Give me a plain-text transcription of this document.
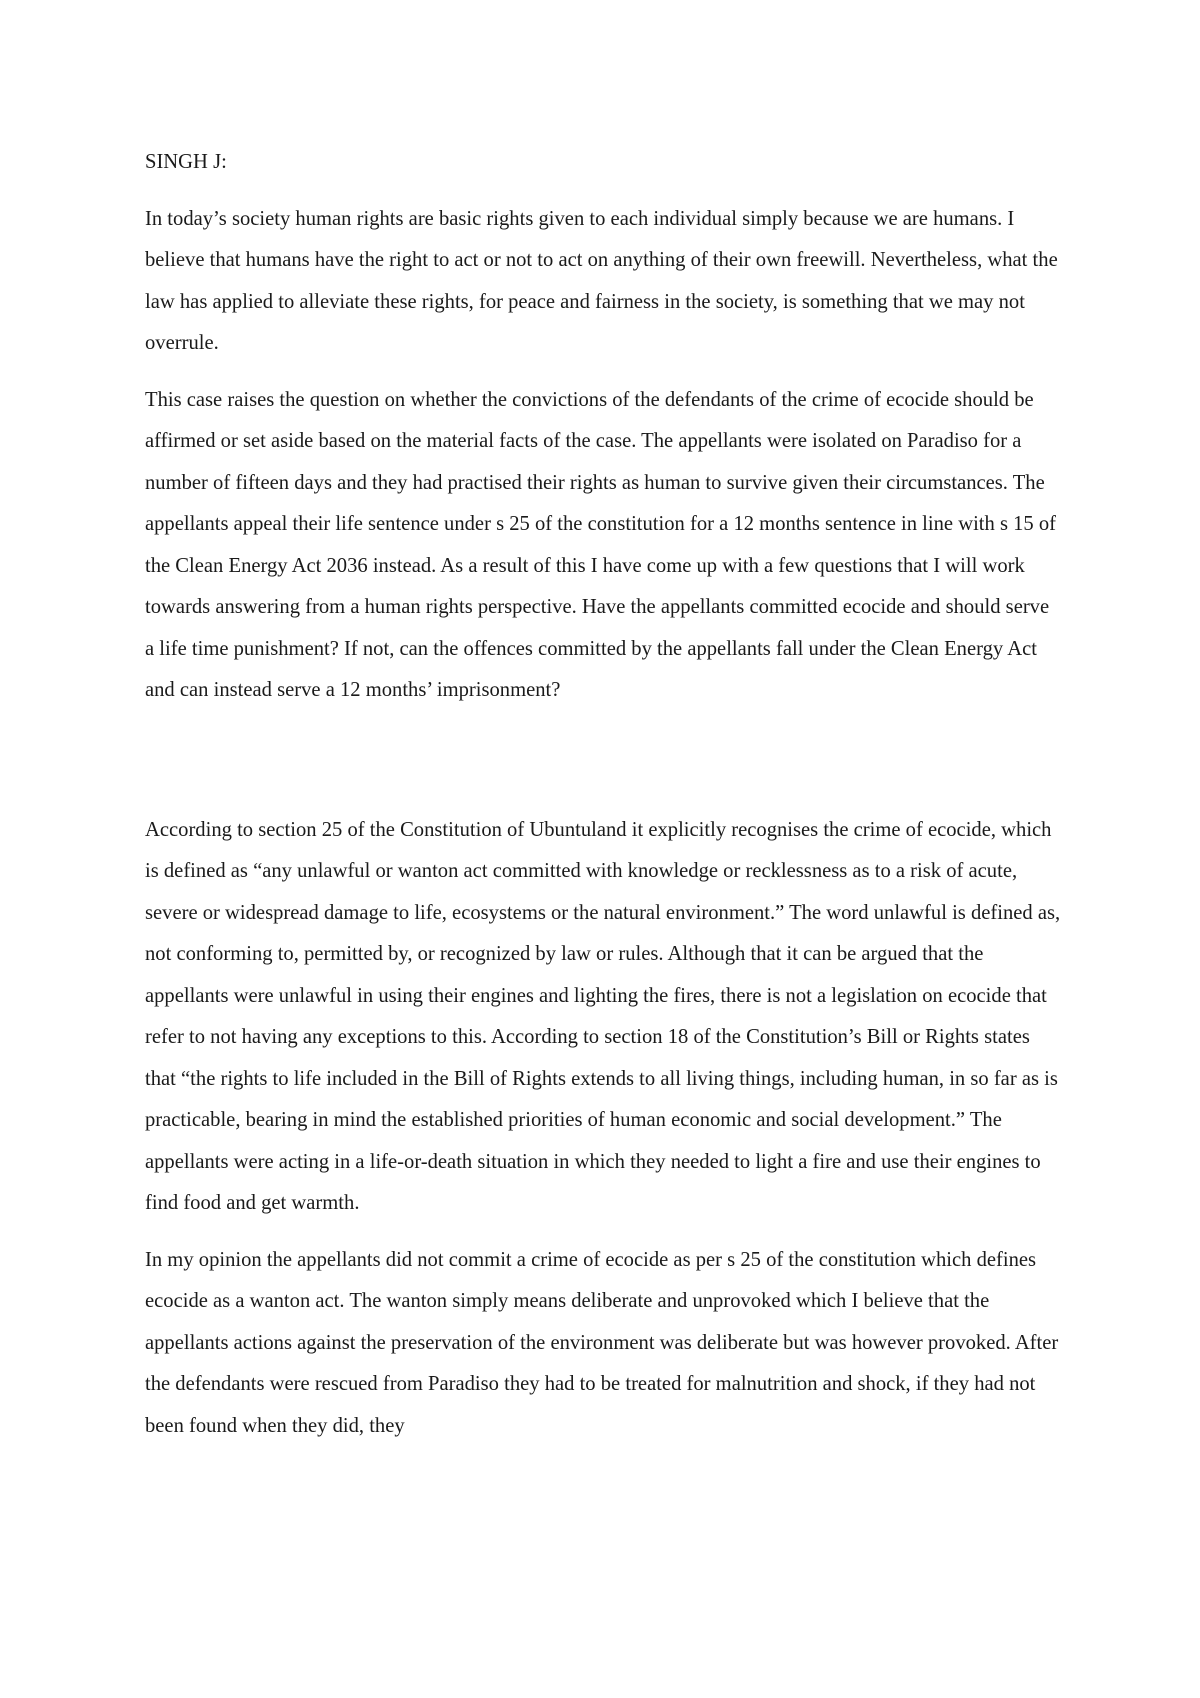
SINGH J:

In today’s society human rights are basic rights given to each individual simply because we are humans. I believe that humans have the right to act or not to act on anything of their own freewill. Nevertheless, what the law has applied to alleviate these rights, for peace and fairness in the society, is something that we may not overrule.

This case raises the question on whether the convictions of the defendants of the crime of ecocide should be affirmed or set aside based on the material facts of the case. The appellants were isolated on Paradiso for a number of fifteen days and they had practised their rights as human to survive given their circumstances. The appellants appeal their life sentence under s 25 of the constitution for a 12 months sentence in line with s 15 of the Clean Energy Act 2036 instead. As a result of this I have come up with a few questions that I will work towards answering from a human rights perspective. Have the appellants committed ecocide and should serve a life time punishment? If not, can the offences committed by the appellants fall under the Clean Energy Act and can instead serve a 12 months’ imprisonment?

According to section 25 of the Constitution of Ubuntuland it explicitly recognises the crime of ecocide, which is defined as “any unlawful or wanton act committed with knowledge or recklessness as to a risk of acute, severe or widespread damage to life, ecosystems or the natural environment.” The word unlawful is defined as, not conforming to, permitted by, or recognized by law or rules. Although that it can be argued that the appellants were unlawful in using their engines and lighting the fires, there is not a legislation on ecocide that refer to not having any exceptions to this. According to section 18 of the Constitution’s Bill or Rights states that “the rights to life included in the Bill of Rights extends to all living things, including human, in so far as is practicable, bearing in mind the established priorities of human economic and social development.” The appellants were acting in a life-or-death situation in which they needed to light a fire and use their engines to find food and get warmth.

In my opinion the appellants did not commit a crime of ecocide as per s 25 of the constitution which defines ecocide as a wanton act. The wanton simply means deliberate and unprovoked which I believe that the appellants actions against the preservation of the environment was deliberate but was however provoked. After the defendants were rescued from Paradiso they had to be treated for malnutrition and shock, if they had not been found when they did, they
